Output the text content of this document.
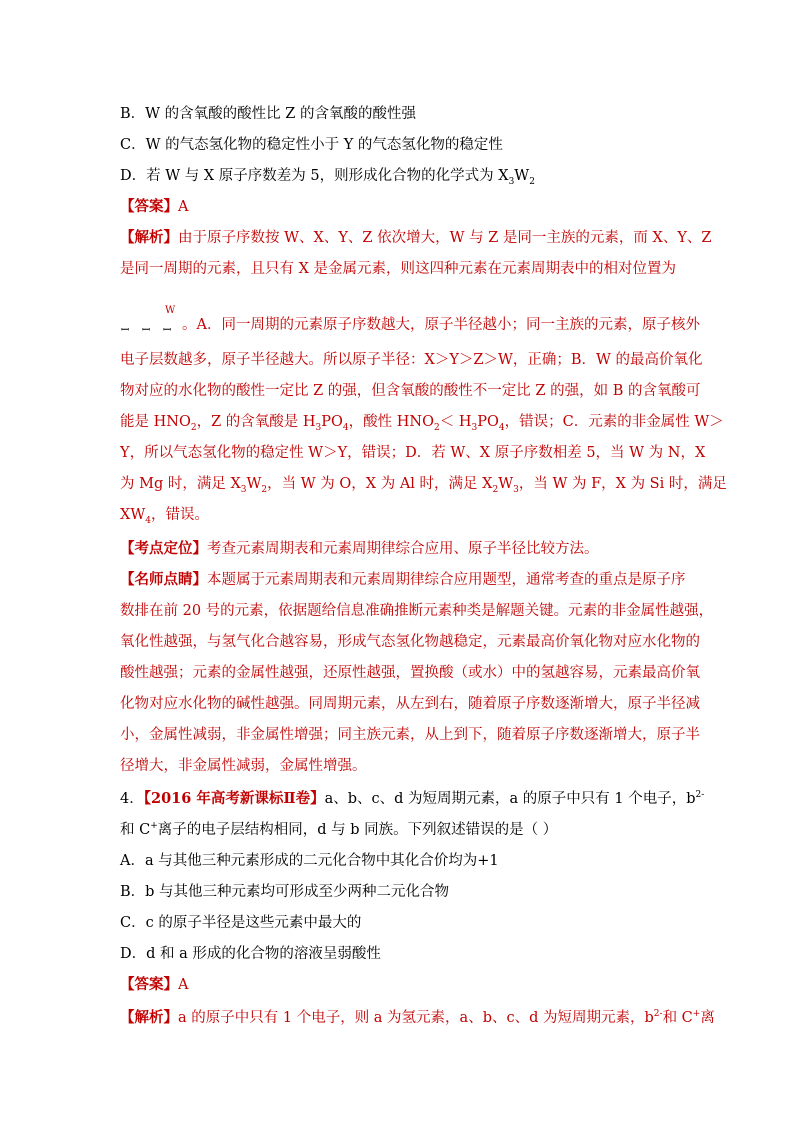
B．W 的含氧酸的酸性比 Z 的含氧酸的酸性强
C．W 的气态氢化物的稳定性小于 Y 的气态氢化物的稳定性
D．若 W 与 X 原子序数差为 5，则形成化合物的化学式为 $X_3W_2$
【答案】A
【解析】由于原子序数按 W、X、Y、Z 依次增大，W 与 Z 是同一主族的元素，而 X、Y、Z
是同一周期的元素，且只有 X 是金属元素，则这四种元素在元素周期表中的相对位置为
W
ꟷ ꟷ ꟷ 。A．同一周期的元素原子序数越大，原子半径越小；同一主族的元素，原子核外
电子层数越多，原子半径越大。所以原子半径：X＞Y＞Z＞W，正确；B．W 的最高价氧化
物对应的水化物的酸性一定比 Z 的强，但含氧酸的酸性不一定比 Z 的强，如 B 的含氧酸可
能是 $HNO_2$，Z 的含氧酸是 $H_3PO_4$，酸性 $HNO_2< H_3PO_4$，错误；C．元素的非金属性 W＞
Y，所以气态氢化物的稳定性 W＞Y，错误；D．若 W、X 原子序数相差 5，当 W 为 N，X
为 Mg 时，满足 $X_3W_2$，当 W 为 O，X 为 Al 时，满足 $X_2W_3$，当 W 为 F，X 为 Si 时，满足
$XW_4$，错误。
【考点定位】考查元素周期表和元素周期律综合应用、原子半径比较方法。
【名师点睛】本题属于元素周期表和元素周期律综合应用题型，通常考查的重点是原子序
数排在前 20 号的元素，依据题给信息准确推断元素种类是解题关键。元素的非金属性越强，
氧化性越强，与氢气化合越容易，形成气态氢化物越稳定，元素最高价氧化物对应水化物的
酸性越强；元素的金属性越强，还原性越强，置换酸（或水）中的氢越容易，元素最高价氧
化物对应水化物的碱性越强。同周期元素，从左到右，随着原子序数逐渐增大，原子半径减
小，金属性减弱，非金属性增强；同主族元素，从上到下，随着原子序数逐渐增大，原子半
径增大，非金属性减弱，金属性增强。
4．【2016 年高考新课标Ⅱ卷】a、b、c、d 为短周期元素，a 的原子中只有 1 个电子，$b^{2-}$
和 C+离子的电子层结构相同，d 与 b 同族。下列叙述错误的是（ ）
A．a 与其他三种元素形成的二元化合物中其化合价均为+1
B．b 与其他三种元素均可形成至少两种二元化合物
C．c 的原子半径是这些元素中最大的
D．d 和 a 形成的化合物的溶液呈弱酸性
【答案】A
【解析】a 的原子中只有 1 个电子，则 a 为氢元素，a、b、c、d 为短周期元素，$b^{2-}$和 C+离
